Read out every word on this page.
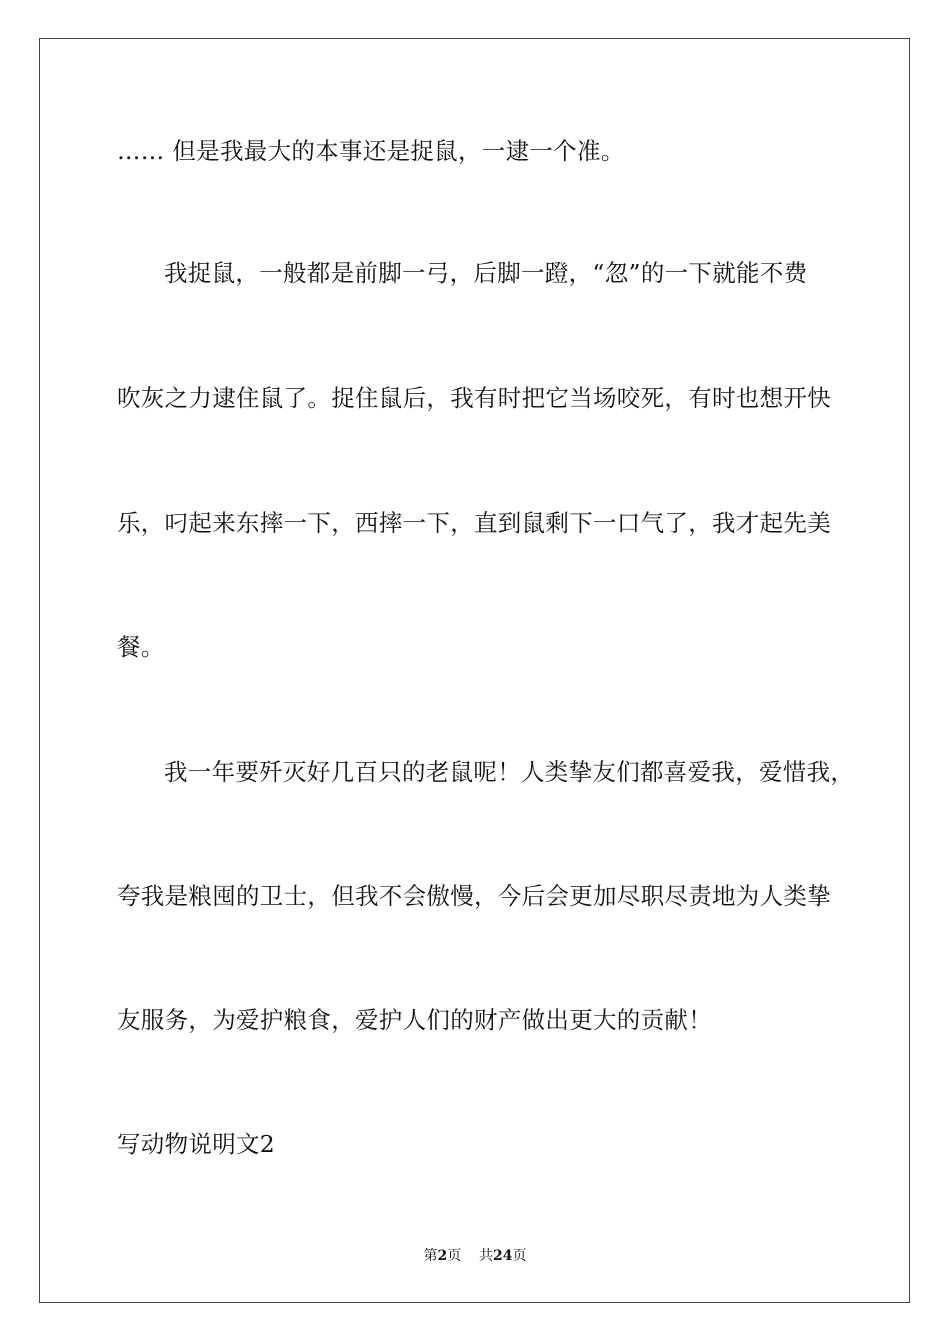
…… 但是我最大的本事还是捉鼠，一逮一个准。
我捉鼠，一般都是前脚一弓，后脚一蹬，“忽”的一下就能不费
吹灰之力逮住鼠了。捉住鼠后，我有时把它当场咬死，有时也想开快
乐，叼起来东摔一下，西摔一下，直到鼠剩下一口气了，我才起先美
餐。
我一年要歼灭好几百只的老鼠呢！人类挚友们都喜爱我，爱惜我，
夸我是粮囤的卫士，但我不会傲慢，今后会更加尽职尽责地为人类挚
友服务，为爱护粮食，爱护人们的财产做出更大的贡献！
写动物说明文2
第2页 共24页
